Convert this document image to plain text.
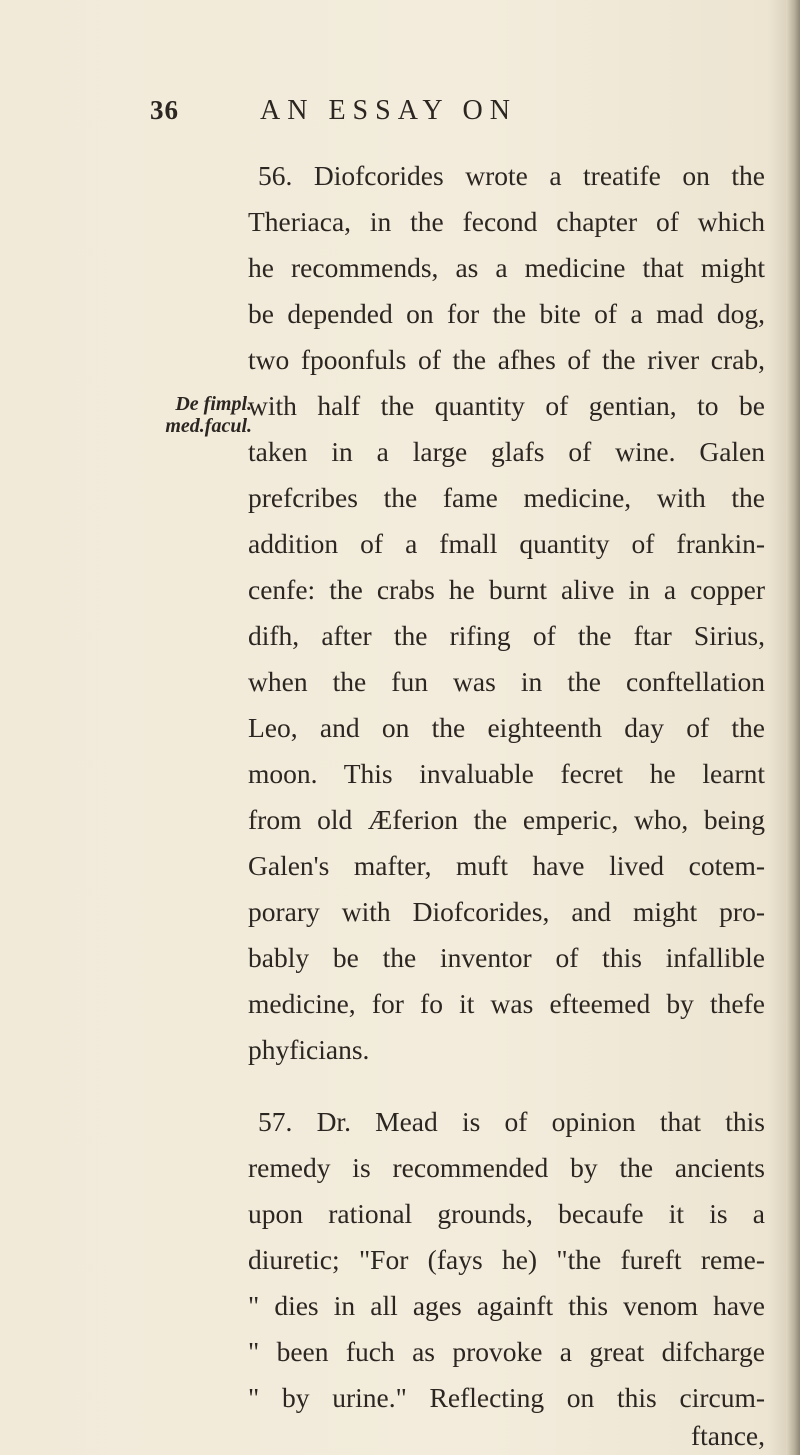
36	AN ESSAY ON
De fimpl.
med.facul.
56. Diofcorides wrote a treatife on the
Theriaca, in the fecond chapter of which
he recommends, as a medicine that might
be depended on for the bite of a mad dog,
two fpoonfuls of the afhes of the river crab,
with half the quantity of gentian, to be
taken in a large glafs of wine. Galen
prefcribes the fame medicine, with the
addition of a fmall quantity of frankin-
cenfe: the crabs he burnt alive in a copper
difh, after the rifing of the ftar Sirius,
when the fun was in the conftellation
Leo, and on the eighteenth day of the
moon. This invaluable fecret he learnt
from old Æferion the emperic, who, being
Galen's mafter, muft have lived cotem-
porary with Diofcorides, and might pro-
bably be the inventor of this infallible
medicine, for fo it was efteemed by thefe
phyficians.
57. Dr. Mead is of opinion that this
remedy is recommended by the ancients
upon rational grounds, becaufe it is a
diuretic; "For (fays he) "the fureft reme-
" dies in all ages againft this venom have
" been fuch as provoke a great difcharge
" by urine." Reflecting on this circum-
ftance,
